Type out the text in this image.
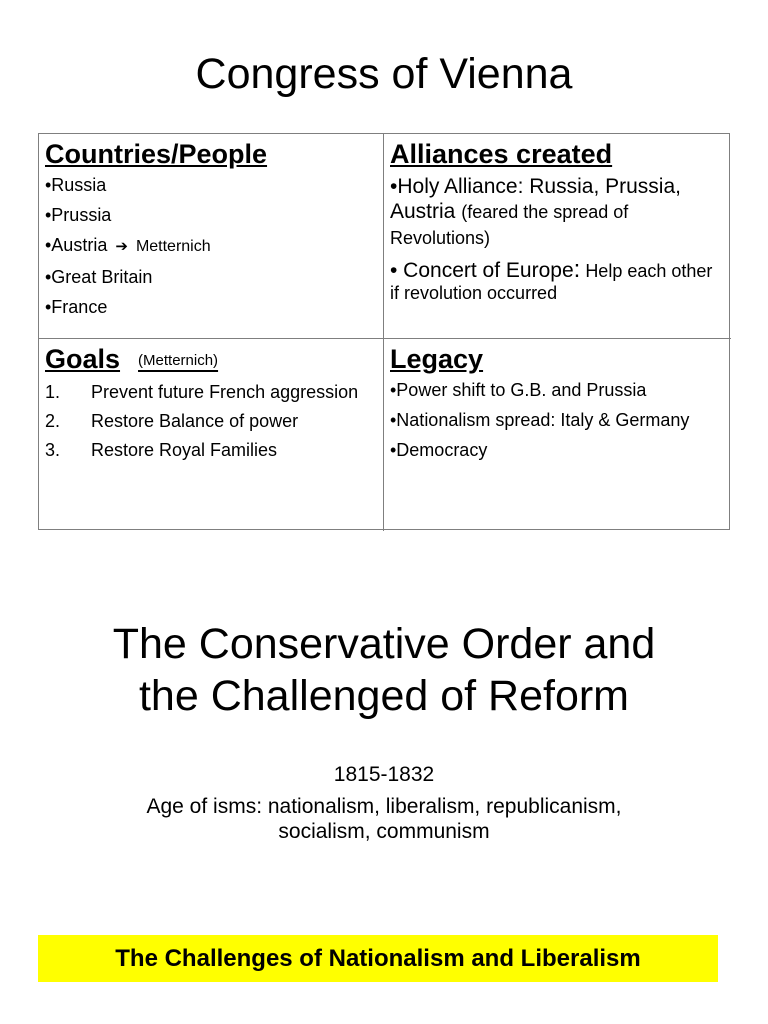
Congress of Vienna
Countries/People
•Russia
•Prussia
•Austria ➔ Metternich
•Great Britain
•France
Alliances created
•Holy Alliance: Russia, Prussia, Austria (feared the spread of Revolutions)
• Concert of Europe: Help each other if revolution occurred
Goals (Metternich)
1.	Prevent future French aggression
2.	Restore Balance of power
3.	Restore Royal Families
Legacy
•Power shift to G.B. and Prussia
•Nationalism spread: Italy & Germany
•Democracy
The Conservative Order and
the Challenged of Reform
1815-1832
Age of isms: nationalism, liberalism, republicanism,
socialism, communism
The Challenges of Nationalism and Liberalism
